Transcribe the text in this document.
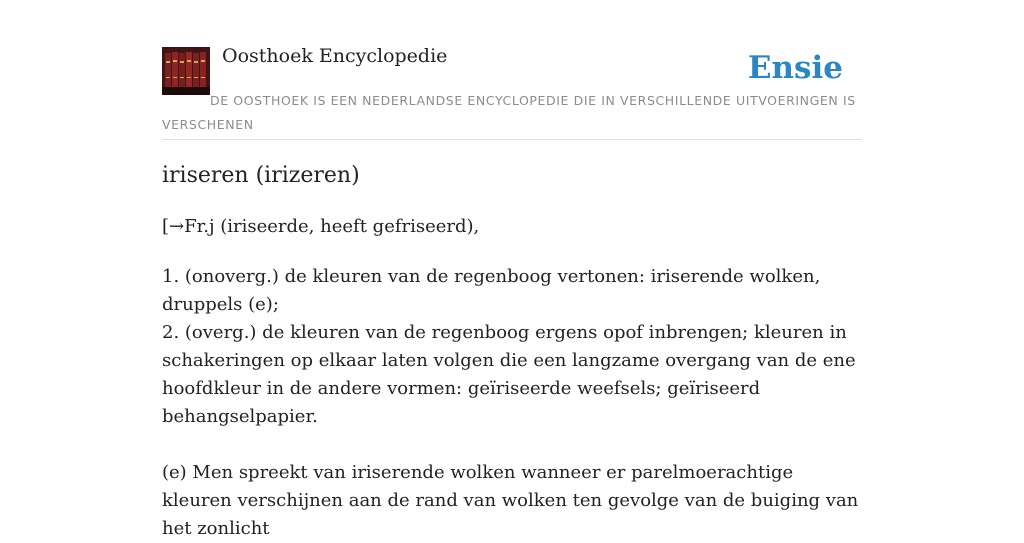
Oosthoek Encyclopedie	Ensie

DE OOSTHOEK IS EEN NEDERLANDSE ENCYCLOPEDIE DIE IN VERSCHILLENDE UITVOERINGEN IS VERSCHENEN

iriseren (irizeren)

[→Fr.j (iriseerde, heeft gefriseerd),

1. (onoverg.) de kleuren van de regenboog vertonen: iriserende wolken, druppels (e);
2. (overg.) de kleuren van de regenboog ergens opof inbrengen; kleuren in schakeringen op elkaar laten volgen die een langzame overgang van de ene hoofdkleur in de andere vormen: geïriseerde weefsels; geïriseerd behangselpapier.
(e) Men spreekt van iriserende wolken wanneer er parelmoerachtige kleuren verschijnen aan de rand van wolken ten gevolge van de buiging van het zonlicht
